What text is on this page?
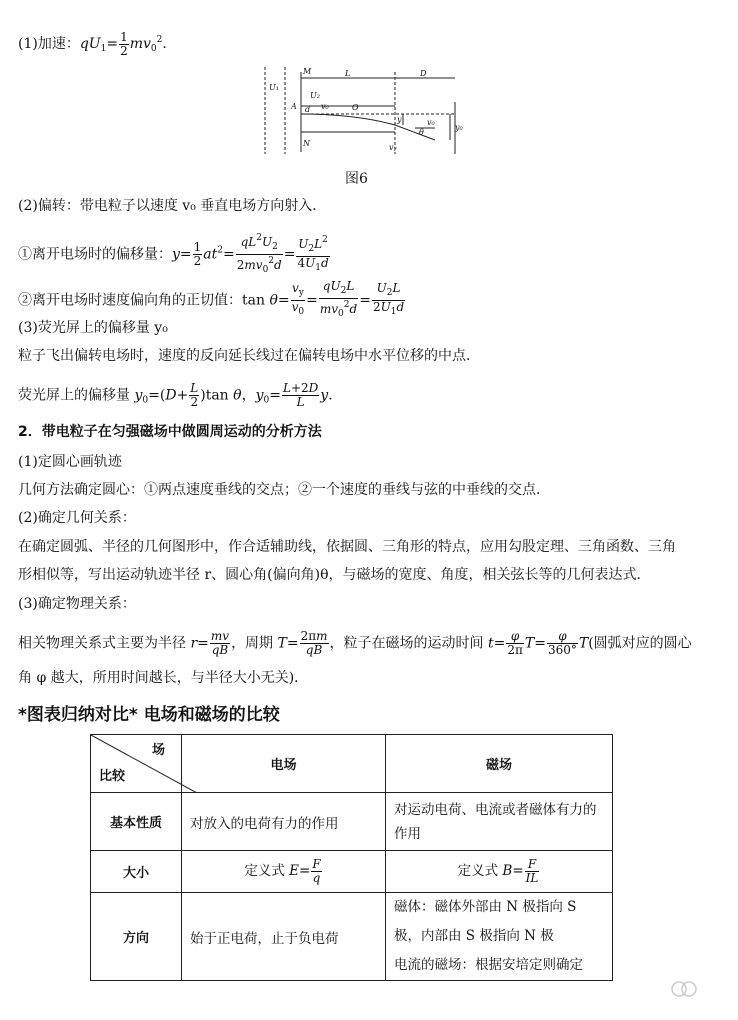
(1)加速：$qU_1= \frac{1}{2} mv_0^2$.
U₁
M	L	D
U₂
A d v₀	O
y	v₀
θ
y₀
N	vᵧ
图6
(2)偏转：带电粒子以速度 v₀ 垂直电场方向射入．
①离开电场时的偏移量：$y= \frac{1}{2} at^2= \frac{qL^2U_2}{2mv_0^2d} = \frac{U_2L^2}{4U_1d}$
②离开电场时速度偏向角的正切值：$\tan \theta= \frac{v_y}{v_0} = \frac{qU_2L}{mv_0^2d} = \frac{U_2L}{2U_1d}$
(3)荧光屏上的偏移量 y₀
粒子飞出偏转电场时，速度的反向延长线过在偏转电场中水平位移的中点．
荧光屏上的偏移量 $y_0=(D+ \frac{L}{2} )\tan$ θ，$y_0= \frac{L+2D}{L} y$.
2．带电粒子在匀强磁场中做圆周运动的分析方法
(1)定圆心画轨迹
几何方法确定圆心：①两点速度垂线的交点；②一个速度的垂线与弦的中垂线的交点．
(2)确定几何关系：
在确定圆弧、半径的几何图形中，作合适辅助线，依据圆、三角形的特点，应用勾股定理、三角函数、三角
形相似等，写出运动轨迹半径 r、圆心角(偏向角)θ，与磁场的宽度、角度，相关弦长等的几何表达式．
(3)确定物理关系：
相关物理关系式主要为半径 $r= \frac{mv}{qB}$ ，周期 $T= \frac{2\pi m}{qB}$ ，粒子在磁场的运动时间 $t= \frac{\varphi}{2\pi} T= \frac{\varphi}{360^\circ} T$(圆弧对应的圆心
角 φ 越大，所用时间越长，与半径大小无关)．
*图表归纳对比* 电场和磁场的比较
场
比较	电场	磁场
基本性质	对放入的电荷有力的作用	对运动电荷、电流或者磁体有力的作用
大小	定义式 $E= \frac{F}{q}$	定义式 $B= \frac{F}{IL}$

方向	始于正电荷，止于负电荷	磁体：磁体外部由 N 极指向 S
极，内部由 S 极指向 N 极
电流的磁场：根据安培定则确定
